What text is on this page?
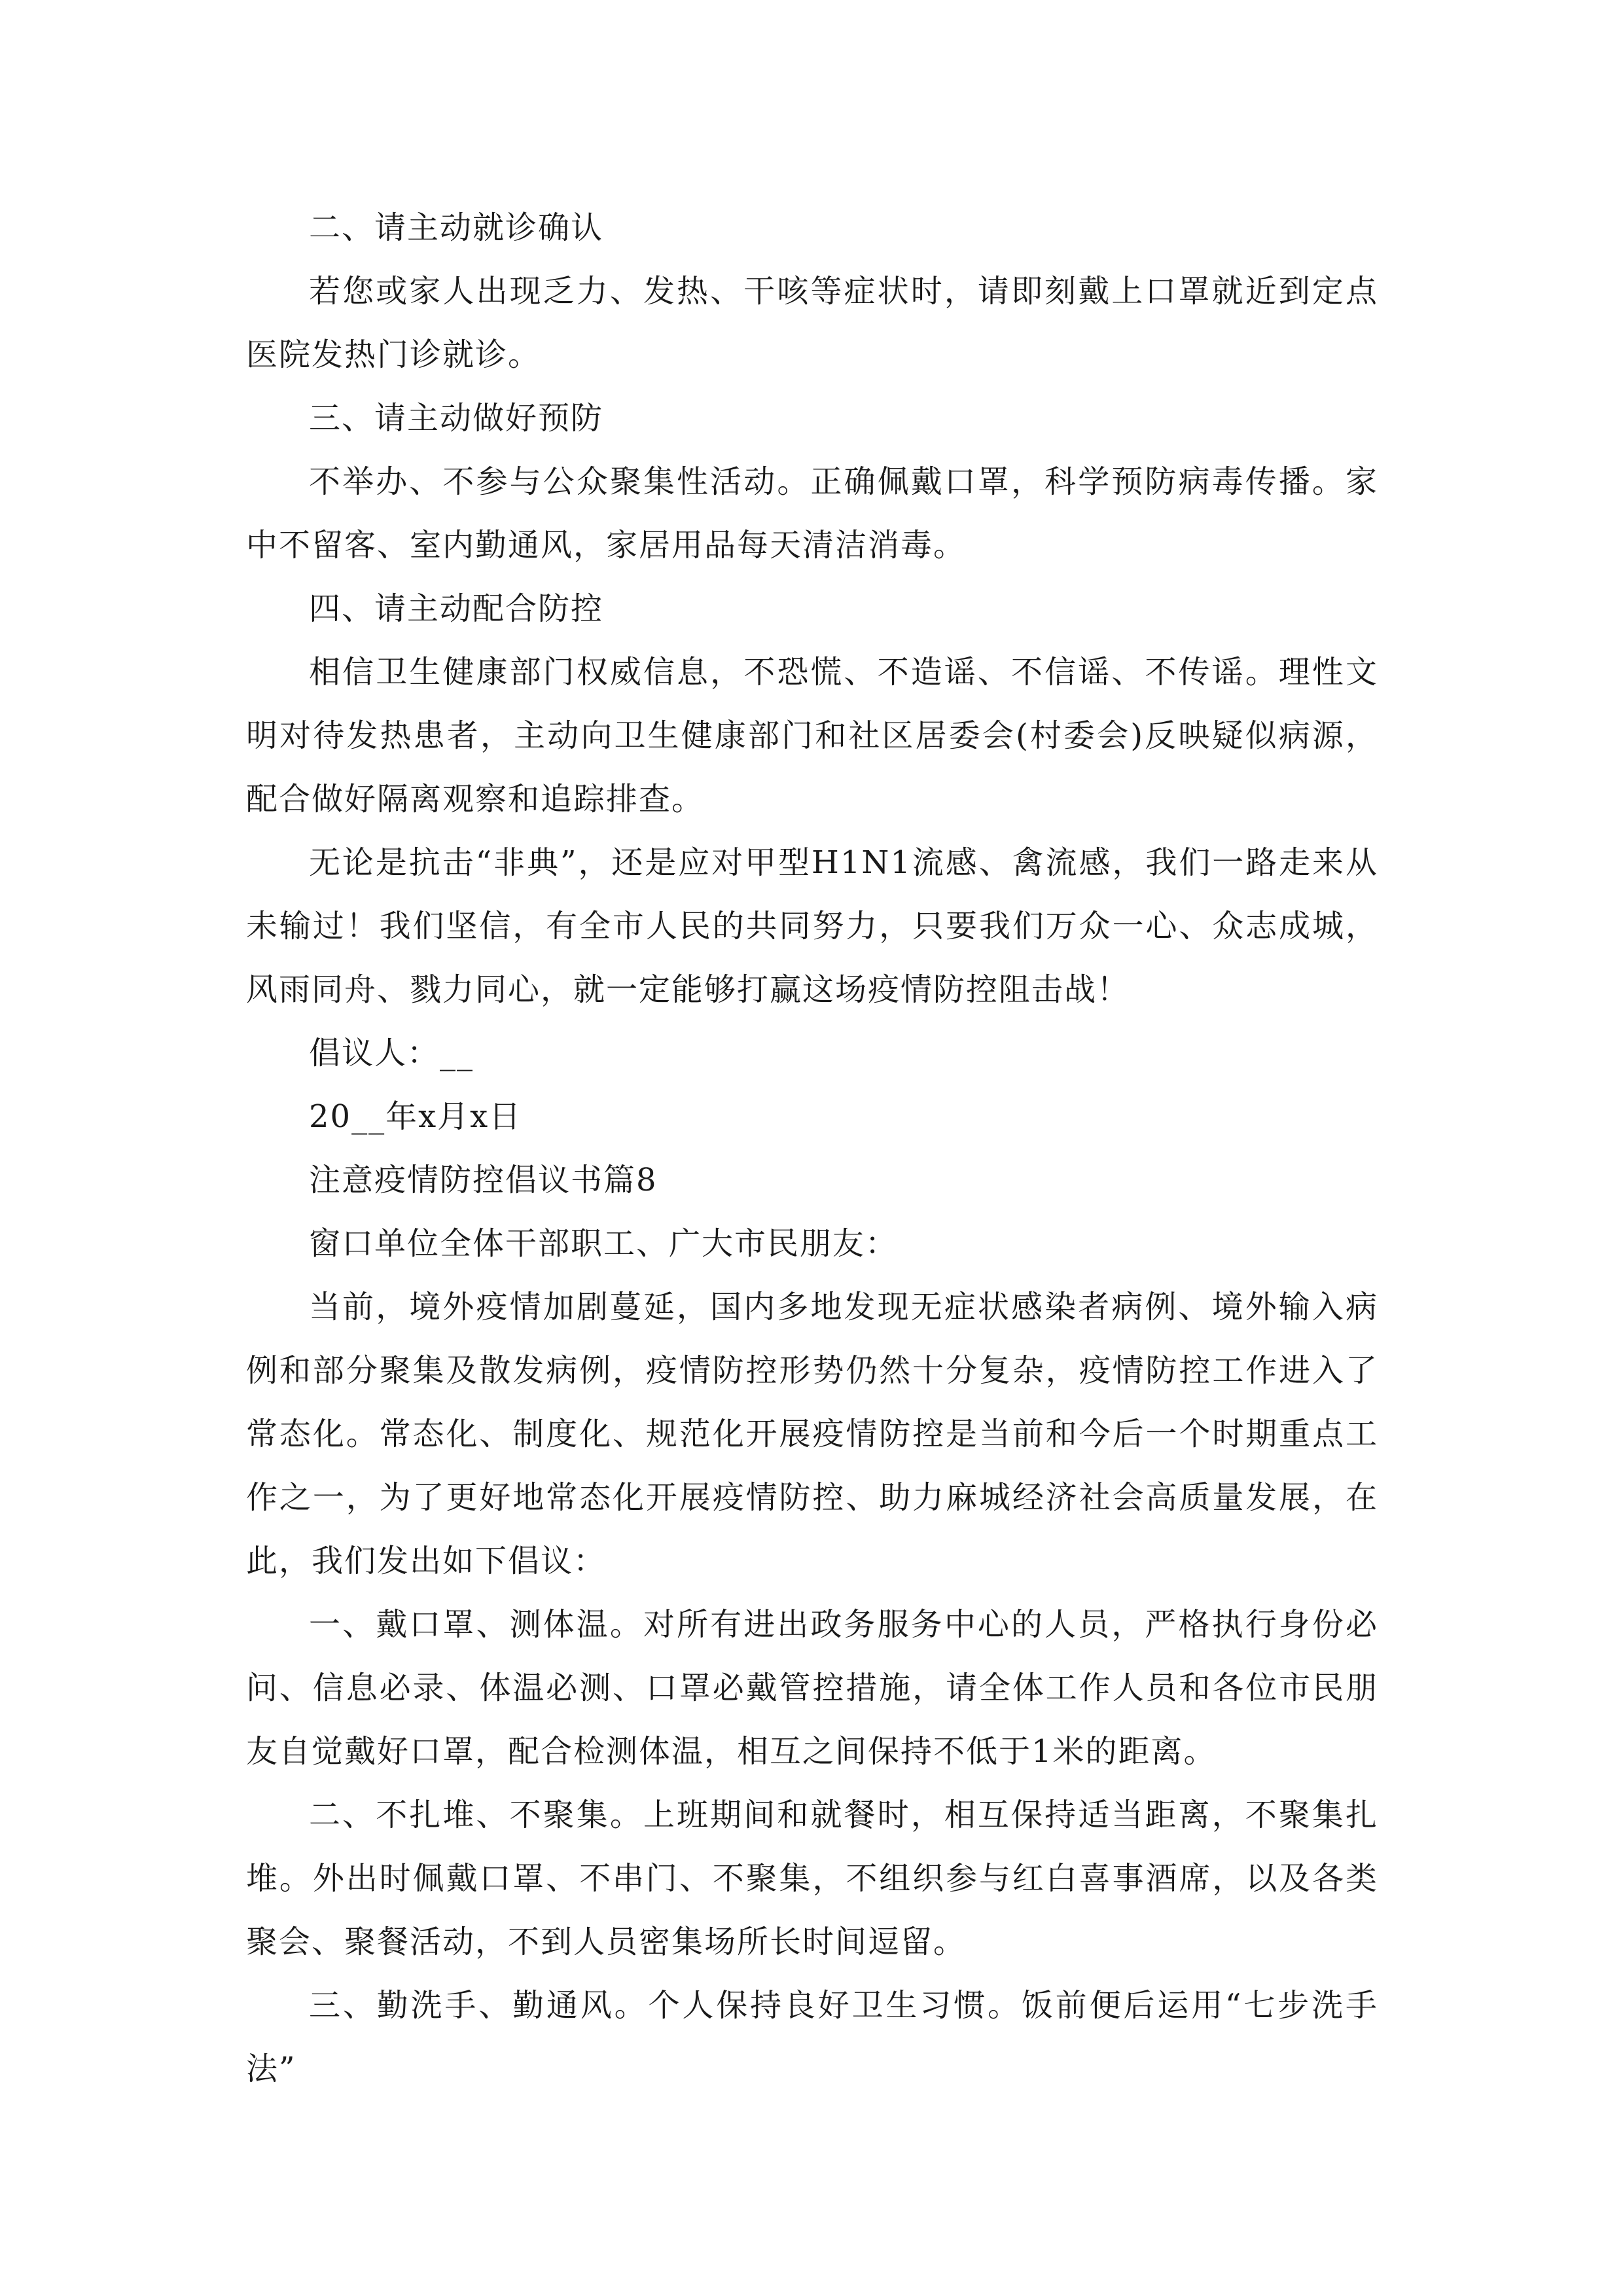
二、请主动就诊确认

若您或家人出现乏力、发热、干咳等症状时，请即刻戴上口罩就近到定点医院发热门诊就诊。

三、请主动做好预防

不举办、不参与公众聚集性活动。正确佩戴口罩，科学预防病毒传播。家中不留客、室内勤通风，家居用品每天清洁消毒。

四、请主动配合防控

相信卫生健康部门权威信息，不恐慌、不造谣、不信谣、不传谣。理性文明对待发热患者，主动向卫生健康部门和社区居委会(村委会)反映疑似病源，配合做好隔离观察和追踪排查。

无论是抗击“非典”，还是应对甲型H1N1流感、禽流感，我们一路走来从未输过！我们坚信，有全市人民的共同努力，只要我们万众一心、众志成城，风雨同舟、戮力同心，就一定能够打赢这场疫情防控阻击战！

倡议人：__

20__年x月x日

注意疫情防控倡议书篇8

窗口单位全体干部职工、广大市民朋友：

当前，境外疫情加剧蔓延，国内多地发现无症状感染者病例、境外输入病例和部分聚集及散发病例，疫情防控形势仍然十分复杂，疫情防控工作进入了常态化。常态化、制度化、规范化开展疫情防控是当前和今后一个时期重点工作之一，为了更好地常态化开展疫情防控、助力麻城经济社会高质量发展，在此，我们发出如下倡议：

一、戴口罩、测体温。对所有进出政务服务中心的人员，严格执行身份必问、信息必录、体温必测、口罩必戴管控措施，请全体工作人员和各位市民朋友自觉戴好口罩，配合检测体温，相互之间保持不低于1米的距离。

二、不扎堆、不聚集。上班期间和就餐时，相互保持适当距离，不聚集扎堆。外出时佩戴口罩、不串门、不聚集，不组织参与红白喜事酒席，以及各类聚会、聚餐活动，不到人员密集场所长时间逗留。

三、勤洗手、勤通风。个人保持良好卫生习惯。饭前便后运用“七步洗手法”
